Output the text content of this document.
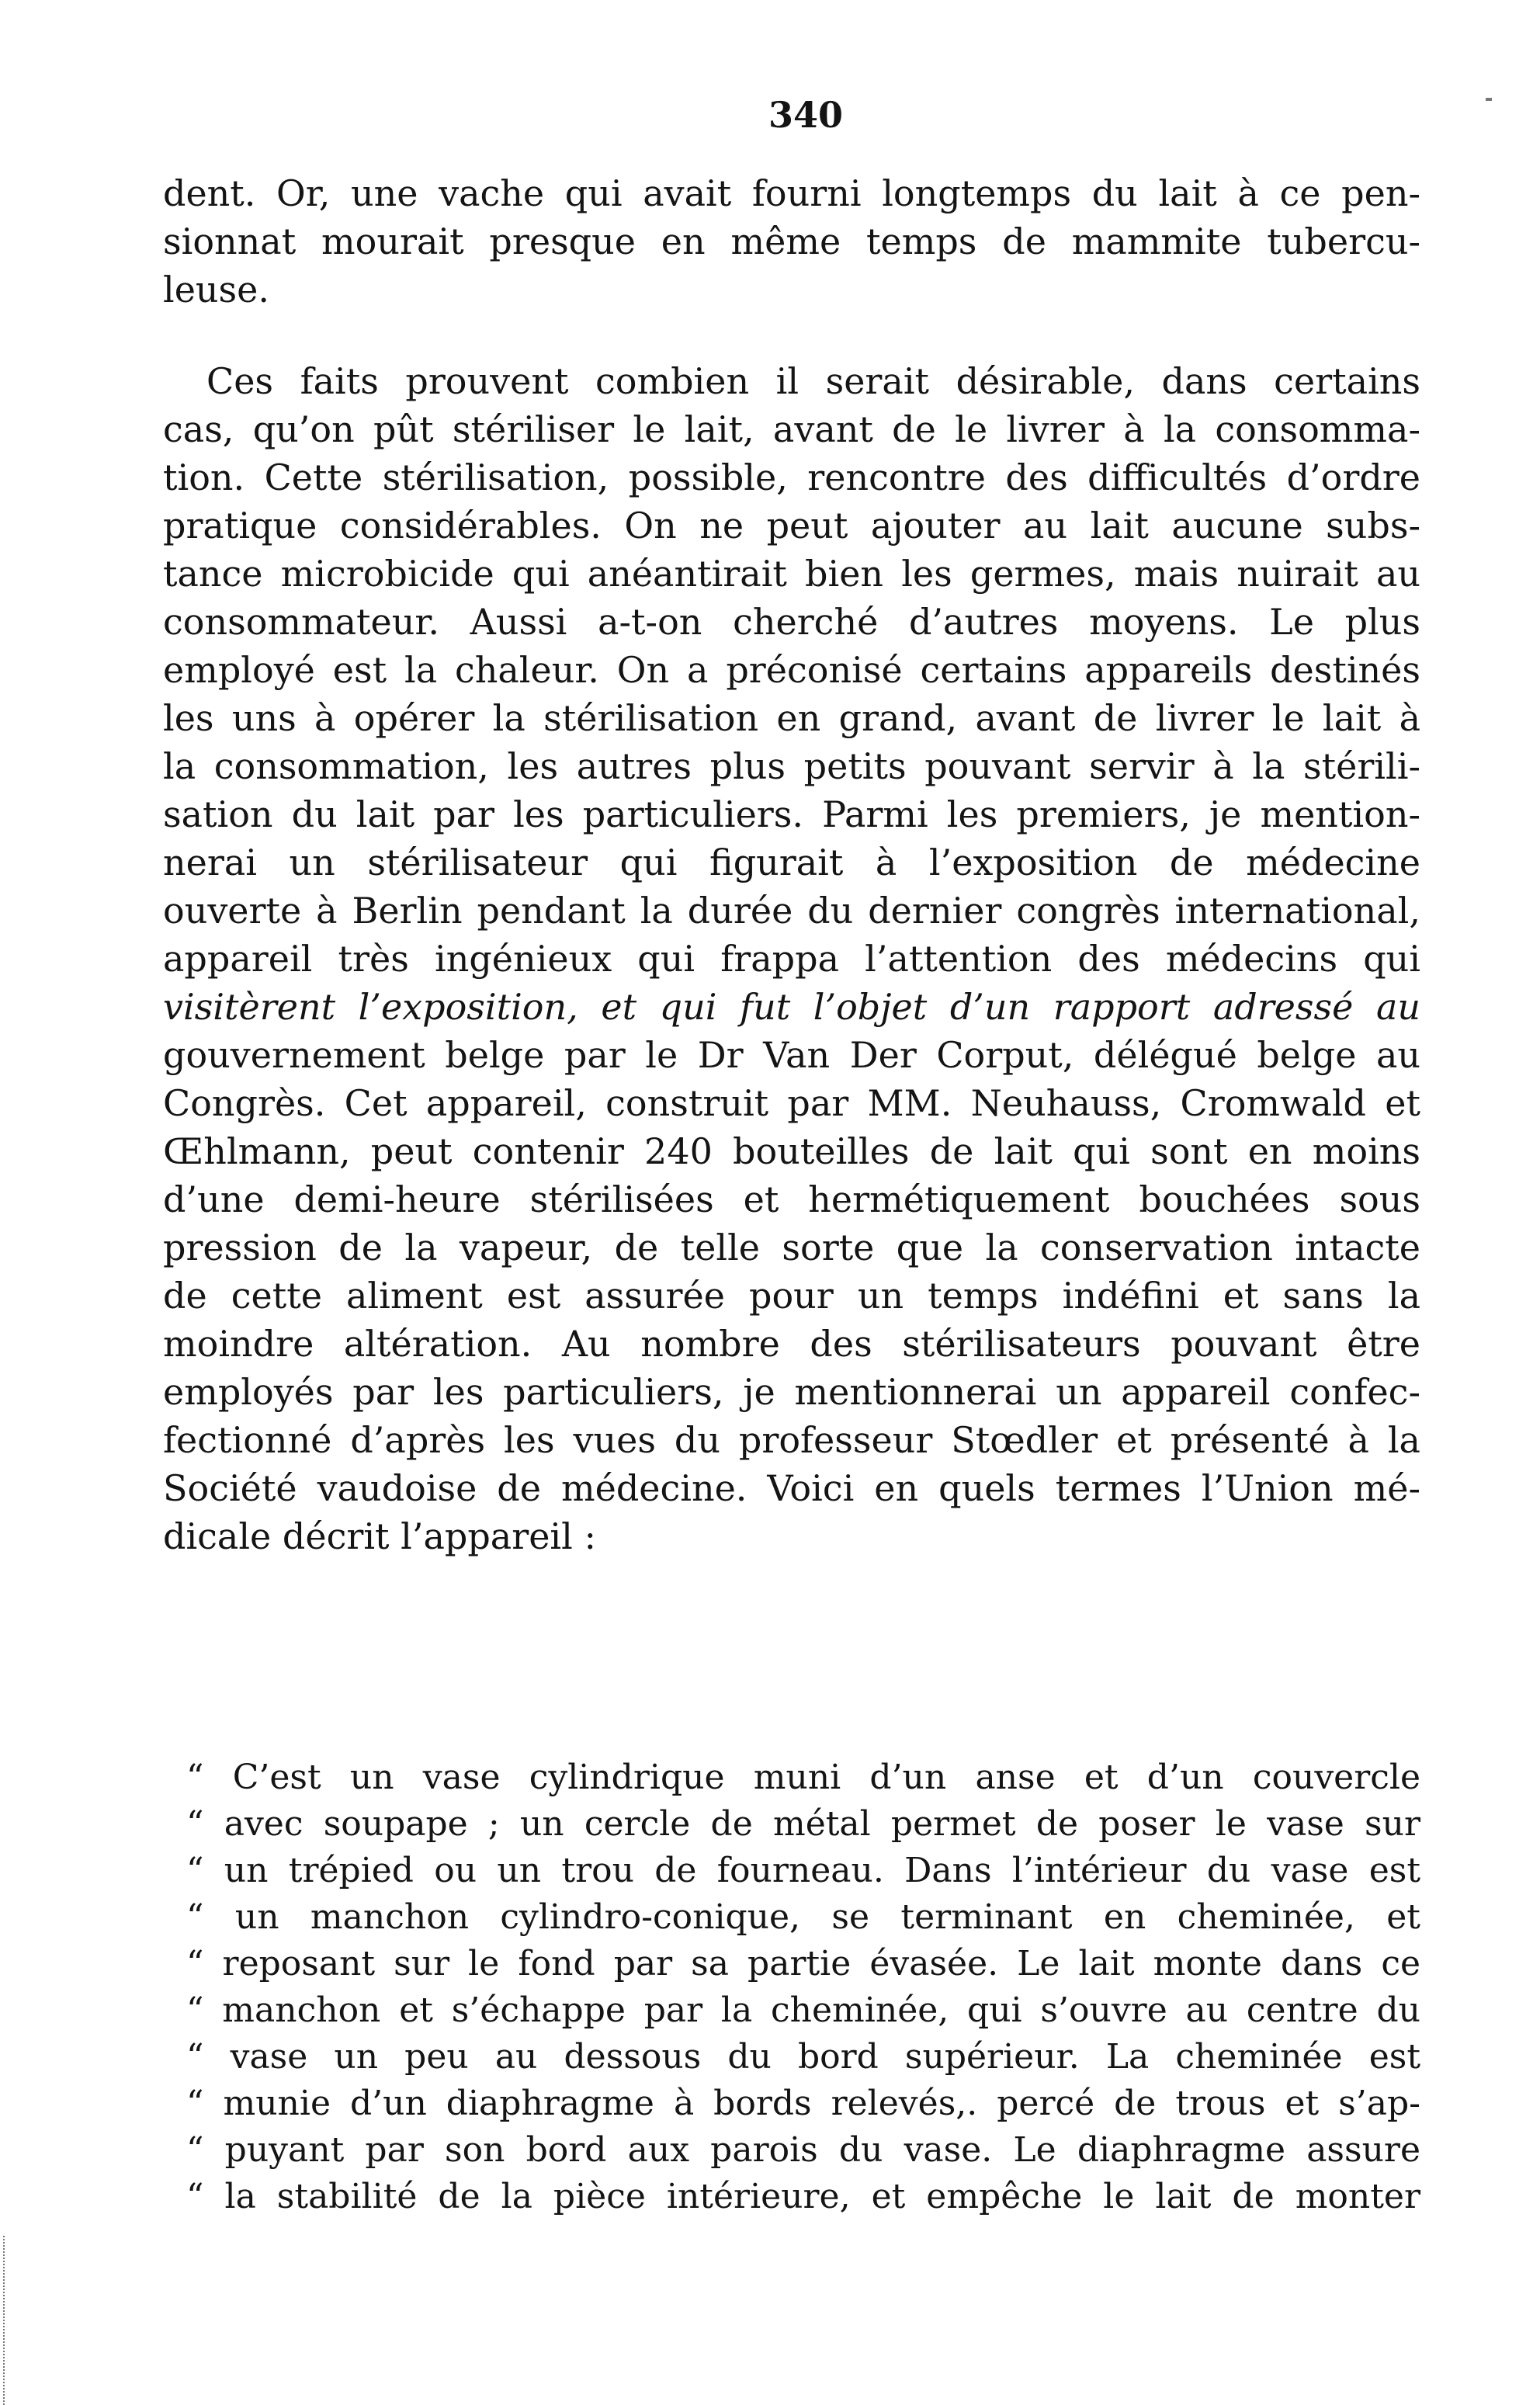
340
dent. Or, une vache qui avait fourni longtemps du lait à ce pen-
sionnat mourait presque en même temps de mammite tubercu-
leuse.
Ces faits prouvent combien il serait désirable, dans certains
cas, qu’on pût stériliser le lait, avant de le livrer à la consomma-
tion. Cette stérilisation, possible, rencontre des difficultés d’ordre
pratique considérables. On ne peut ajouter au lait aucune subs-
tance microbicide qui anéantirait bien les germes, mais nuirait au
consommateur. Aussi a-t-on cherché d’autres moyens. Le plus
employé est la chaleur. On a préconisé certains appareils destinés
les uns à opérer la stérilisation en grand, avant de livrer le lait à
la consommation, les autres plus petits pouvant servir à la stérili-
sation du lait par les particuliers. Parmi les premiers, je mention-
nerai un stérilisateur qui figurait à l’exposition de médecine
ouverte à Berlin pendant la durée du dernier congrès international,
appareil très ingénieux qui frappa l’attention des médecins qui
visitèrent l’exposition, et qui fut l’objet d’un rapport adressé au
gouvernement belge par le Dr Van Der Corput, délégué belge au
Congrès. Cet appareil, construit par MM. Neuhauss, Cromwald et
Œhlmann, peut contenir 240 bouteilles de lait qui sont en moins
d’une demi-heure stérilisées et hermétiquement bouchées sous
pression de la vapeur, de telle sorte que la conservation intacte
de cette aliment est assurée pour un temps indéfini et sans la
moindre altération. Au nombre des stérilisateurs pouvant être
employés par les particuliers, je mentionnerai un appareil confec-
fectionné d’après les vues du professeur Stœdler et présenté à la
Société vaudoise de médecine. Voici en quels termes l’Union mé-
dicale décrit l’appareil :
“ C’est un vase cylindrique muni d’un anse et d’un couvercle
“ avec soupape ; un cercle de métal permet de poser le vase sur
“ un trépied ou un trou de fourneau. Dans l’intérieur du vase est
“ un manchon cylindro-conique, se terminant en cheminée, et
“ reposant sur le fond par sa partie évasée. Le lait monte dans ce
“ manchon et s’échappe par la cheminée, qui s’ouvre au centre du
“ vase un peu au dessous du bord supérieur. La cheminée est
“ munie d’un diaphragme à bords relevés,. percé de trous et s’ap-
“ puyant par son bord aux parois du vase. Le diaphragme assure
“ la stabilité de la pièce intérieure, et empêche le lait de monter
